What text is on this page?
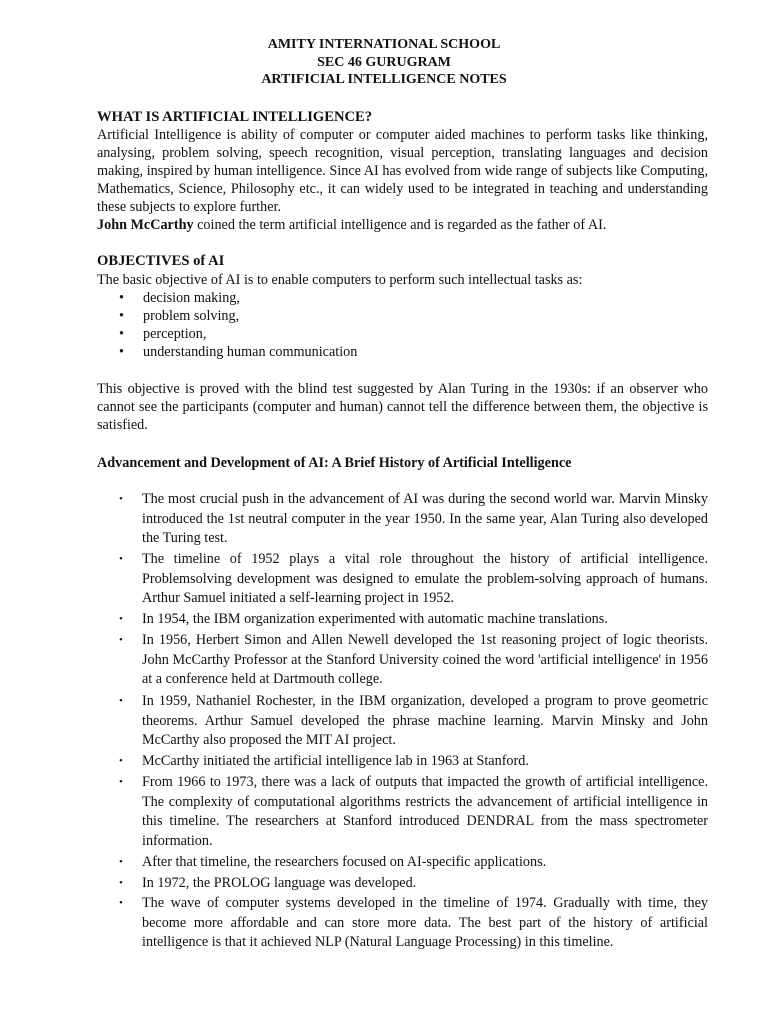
AMITY INTERNATIONAL SCHOOL
SEC 46 GURUGRAM
ARTIFICIAL INTELLIGENCE NOTES
WHAT IS ARTIFICIAL INTELLIGENCE?

Artificial Intelligence is ability of computer or computer aided machines to perform tasks like thinking, analysing, problem solving, speech recognition, visual perception, translating languages and decision making, inspired by human intelligence. Since AI has evolved from wide range of subjects like Computing, Mathematics, Science, Philosophy etc., it can widely used to be integrated in teaching and understanding these subjects to explore further.

John McCarthy coined the term artificial intelligence and is regarded as the father of AI.

OBJECTIVES of AI
The basic objective of AI is to enable computers to perform such intellectual tasks as:
• decision making,
• problem solving,
• perception,
• understanding human communication
This objective is proved with the blind test suggested by Alan Turing in the 1930s: if an observer who cannot see the participants (computer and human) cannot tell the difference between them, the objective is satisfied.
Advancement and Development of AI: A Brief History of Artificial Intelligence
• The most crucial push in the advancement of AI was during the second world war. Marvin Minsky introduced the 1st neutral computer in the year 1950. In the same year, Alan Turing also developed the Turing test.
• The timeline of 1952 plays a vital role throughout the history of artificial intelligence. Problemsolving development was designed to emulate the problem-solving approach of humans. Arthur Samuel initiated a self-learning project in 1952.
• In 1954, the IBM organization experimented with automatic machine translations.
• In 1956, Herbert Simon and Allen Newell developed the 1st reasoning project of logic theorists. John McCarthy Professor at the Stanford University coined the word 'artificial intelligence' in 1956 at a conference held at Dartmouth college.
• In 1959, Nathaniel Rochester, in the IBM organization, developed a program to prove geometric theorems. Arthur Samuel developed the phrase machine learning. Marvin Minsky and John McCarthy also proposed the MIT AI project.
• McCarthy initiated the artificial intelligence lab in 1963 at Stanford.
• From 1966 to 1973, there was a lack of outputs that impacted the growth of artificial intelligence. The complexity of computational algorithms restricts the advancement of artificial intelligence in this timeline. The researchers at Stanford introduced DENDRAL from the mass spectrometer information.
• After that timeline, the researchers focused on AI-specific applications.
• In 1972, the PROLOG language was developed.
• The wave of computer systems developed in the timeline of 1974. Gradually with time, they become more affordable and can store more data. The best part of the history of artificial intelligence is that it achieved NLP (Natural Language Processing) in this timeline.
